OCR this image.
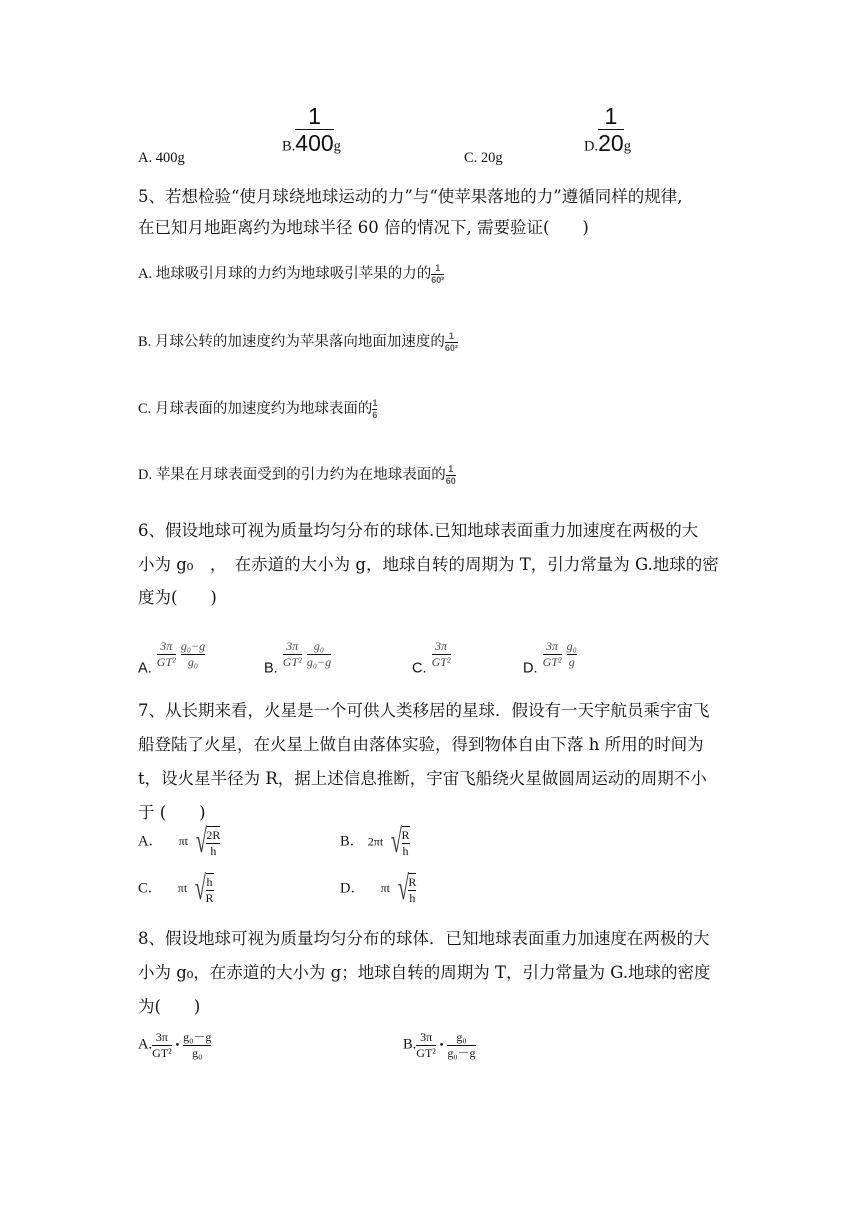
A. 400g
B. $\frac{1}{400}$ g
C. 20g
D. $\frac{1}{20}$ g
5、若想检验“使月球绕地球运动的力”与“使苹果落地的力”遵循同样的规律,
在已知月地距离约为地球半径 60 倍的情况下, 需要验证(　　)
A. 地球吸引月球的力约为地球吸引苹果的力的 $\frac{1}{\text{60²}}$
B. 月球公转的加速度约为苹果落向地面加速度的 $\frac{1}{\text{60²}}$
C. 月球表面的加速度约为地球表面的 $\frac{1}{6}$
D. 苹果在月球表面受到的引力约为在地球表面的 $\frac{1}{60}$
6、假设地球可视为质量均匀分布的球体.已知地球表面重力加速度在两极的大
小为 g₀　，　在赤道的大小为 g，地球自转的周期为 T，引力常量为 G.地球的密
度为(　　)
A.
$\frac{3\pi}{\text{GT²}}$
$\frac{\text{g₀−g}}{\text{g₀}}$
B.
$\frac{3\pi}{\text{GT²}}$
$\frac{\text{g₀}}{\text{g₀−g}}$
C.
$\frac{3\pi}{\text{GT²}}$
D.
$\frac{3\pi}{\text{GT²}}$
$\frac{\text{g₀}}{g}$
7、从长期来看，火星是一个可供人类移居的星球．假设有一天宇航员乘宇宙飞
船登陆了火星，在火星上做自由落体实验，得到物体自由下落 h 所用的时间为
t，设火星半径为 R，据上述信息推断，宇宙飞船绕火星做圆周运动的周期不小
于 (　　)
A． πt √ $\frac{2R}{h}$	B． 2πt √ $\frac{R}{h}$
C． πt √ $\frac{h}{R}$	D． πt √ $\frac{R}{h}$
8、假设地球可视为质量均匀分布的球体．已知地球表面重力加速度在两极的大
小为 g₀，在赤道的大小为 g；地球自转的周期为 T，引力常量为 G.地球的密度
为(　　)
A. $\frac{3\pi}{\text{GT²}}$ • $\frac{\text{g₀－g}}{\text{g₀}}$	B. $\frac{3\pi}{\text{GT²}}$ • $\frac{\text{g₀}}{\text{g₀－g}}$
